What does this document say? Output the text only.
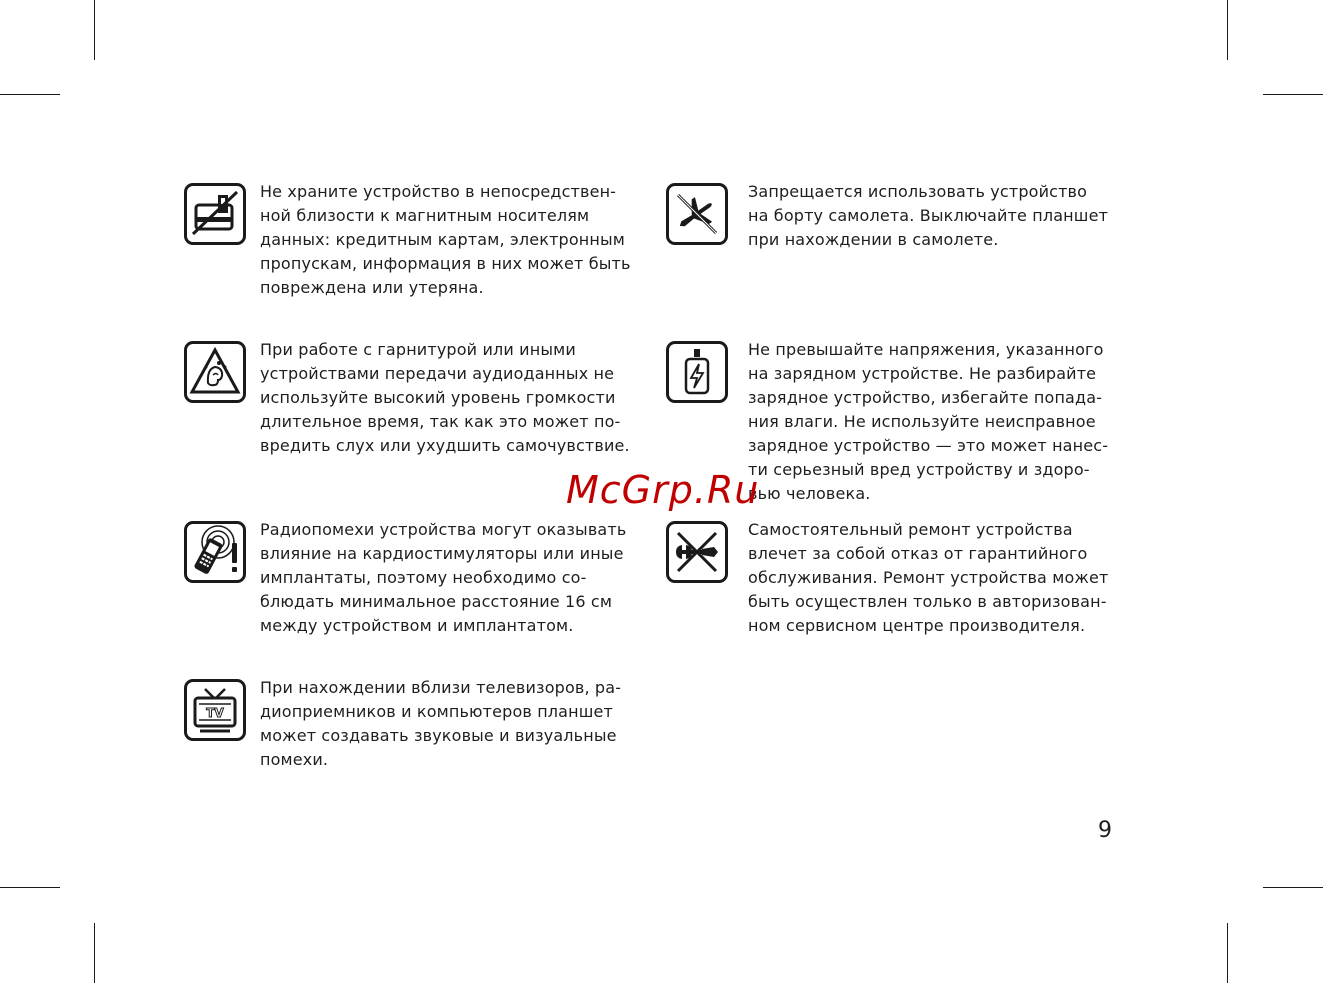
Не храните устройство в непосредствен-
ной близости к магнитным носителям
данных: кредитным картам, электронным
пропускам, информация в них может быть
повреждена или утеряна.
При работе с гарнитурой или иными
устройствами передачи аудиоданных не
используйте высокий уровень громкости
длительное время, так как это может по-
вредить слух или ухудшить самочувствие.
Радиопомехи устройства могут оказывать
влияние на кардиостимуляторы или иные
имплантаты, поэтому необходимо со-
блюдать минимальное расстояние 16 см
между устройством и имплантатом.
TV
При нахождении вблизи телевизоров, ра-
диоприемников и компьютеров планшет
может создавать звуковые и визуальные
помехи.
Запрещается использовать устройство
на борту самолета. Выключайте планшет
при нахождении в самолете.
Не превышайте напряжения, указанного
на зарядном устройстве. Не разбирайте
зарядное устройство, избегайте попада-
ния влаги. Не используйте неисправное
зарядное устройство — это может нанес-
ти серьезный вред устройству и здоро-
вью человека.
Самостоятельный ремонт устройства
влечет за собой отказ от гарантийного
обслуживания. Ремонт устройства может
быть осуществлен только в авторизован-
ном сервисном центре производителя.
McGrp.Ru
9
